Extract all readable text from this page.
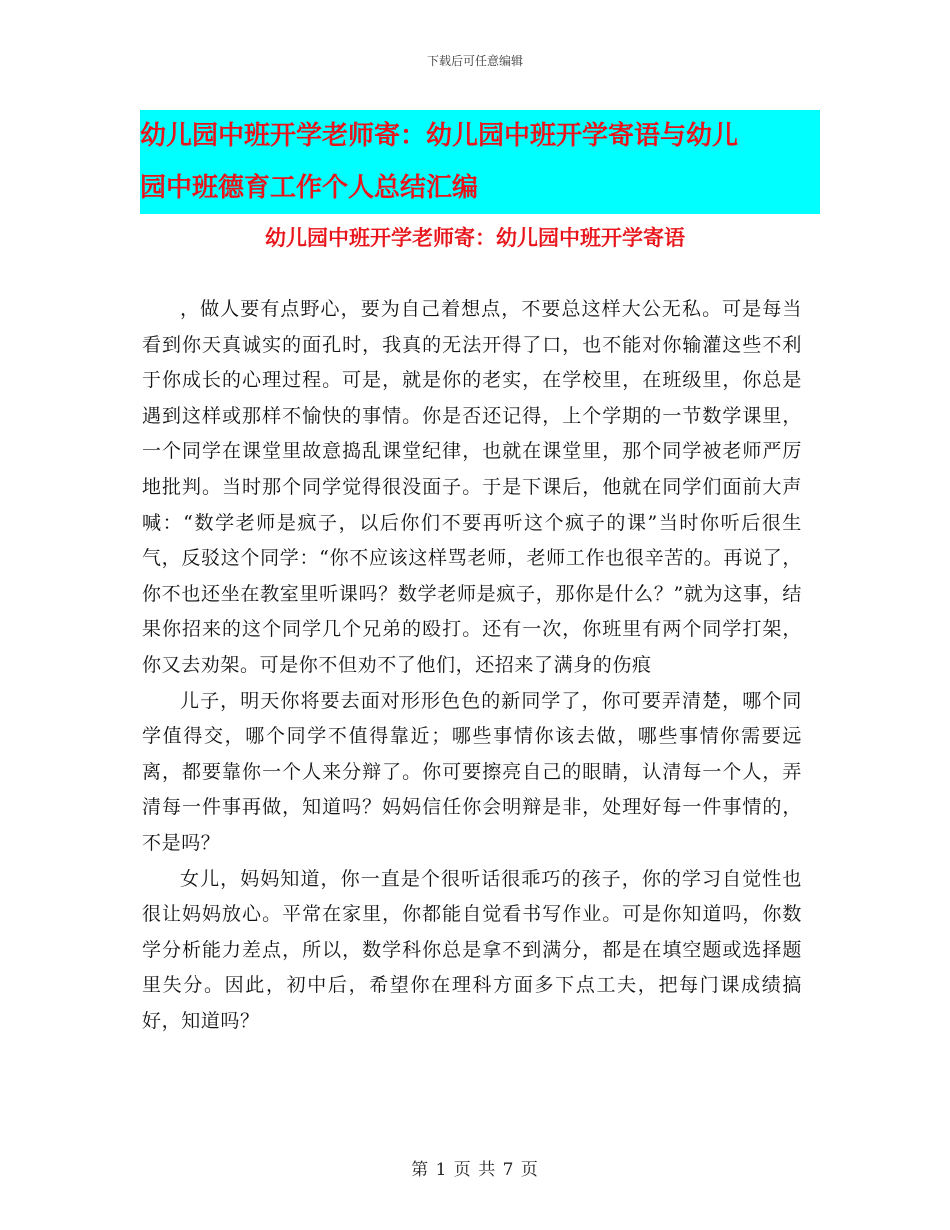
下载后可任意编辑
幼儿园中班开学老师寄：幼儿园中班开学寄语与幼儿
园中班德育工作个人总结汇编
幼儿园中班开学老师寄：幼儿园中班开学寄语

，做人要有点野心，要为自己着想点，不要总这样大公无私。可是每当看到你天真诚实的面孔时，我真的无法开得了口，也不能对你输灌这些不利于你成长的心理过程。可是，就是你的老实，在学校里，在班级里，你总是遇到这样或那样不愉快的事情。你是否还记得，上个学期的一节数学课里，一个同学在课堂里故意捣乱课堂纪律，也就在课堂里，那个同学被老师严厉地批判。当时那个同学觉得很没面子。于是下课后，他就在同学们面前大声喊：“数学老师是疯子，以后你们不要再听这个疯子的课”当时你听后很生气，反驳这个同学：“你不应该这样骂老师，老师工作也很辛苦的。再说了，你不也还坐在教室里听课吗？数学老师是疯子，那你是什么？”就为这事，结果你招来的这个同学几个兄弟的殴打。还有一次，你班里有两个同学打架，你又去劝架。可是你不但劝不了他们，还招来了满身的伤痕

儿子，明天你将要去面对形形色色的新同学了，你可要弄清楚，哪个同学值得交，哪个同学不值得靠近；哪些事情你该去做，哪些事情你需要远离，都要靠你一个人来分辩了。你可要擦亮自己的眼睛，认清每一个人，弄清每一件事再做，知道吗？妈妈信任你会明辩是非，处理好每一件事情的，不是吗？

女儿，妈妈知道，你一直是个很听话很乖巧的孩子，你的学习自觉性也很让妈妈放心。平常在家里，你都能自觉看书写作业。可是你知道吗，你数学分析能力差点，所以，数学科你总是拿不到满分，都是在填空题或选择题里失分。因此，初中后，希望你在理科方面多下点工夫，把每门课成绩搞好，知道吗？

第 1 页 共 7 页
